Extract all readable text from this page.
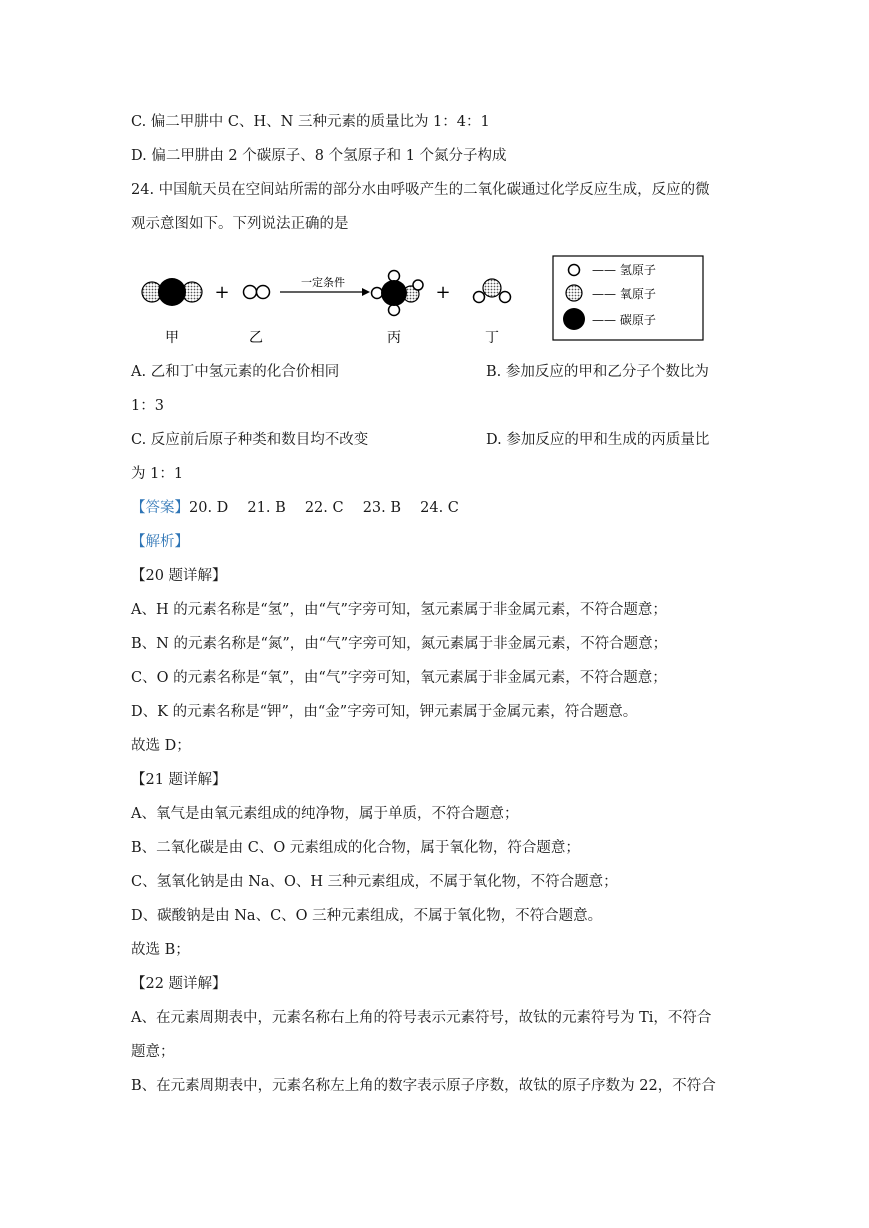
C. 偏二甲肼中 C、H、N 三种元素的质量比为 1：4：1
D. 偏二甲肼由 2 个碳原子、8 个氢原子和 1 个氮分子构成
24. 中国航天员在空间站所需的部分水由呼吸产生的二氧化碳通过化学反应生成，反应的微
观示意图如下。下列说法正确的是
甲
+
乙
一定条件
丙
+
丁
—— 氢原子
—— 氧原子
—— 碳原子
A. 乙和丁中氢元素的化合价相同	B. 参加反应的甲和乙分子个数比为
1：3
C. 反应前后原子种类和数目均不改变	D. 参加反应的甲和生成的丙质量比
为 1：1
【答案】20. D　 21. B　 22. C　 23. B　 24. C
【解析】
【20 题详解】
A、H 的元素名称是“氢”，由“气”字旁可知，氢元素属于非金属元素，不符合题意；
B、N 的元素名称是“氮”，由“气”字旁可知，氮元素属于非金属元素，不符合题意；
C、O 的元素名称是“氧”，由“气”字旁可知，氧元素属于非金属元素，不符合题意；
D、K 的元素名称是“钾”，由“金”字旁可知，钾元素属于金属元素，符合题意。
故选 D；
【21 题详解】
A、氧气是由氧元素组成的纯净物，属于单质，不符合题意；
B、二氧化碳是由 C、O 元素组成的化合物，属于氧化物，符合题意；
C、氢氧化钠是由 Na、O、H 三种元素组成，不属于氧化物，不符合题意；
D、碳酸钠是由 Na、C、O 三种元素组成，不属于氧化物，不符合题意。
故选 B；
【22 题详解】
A、在元素周期表中，元素名称右上角的符号表示元素符号，故钛的元素符号为 Ti，不符合
题意；
B、在元素周期表中，元素名称左上角的数字表示原子序数，故钛的原子序数为 22，不符合
